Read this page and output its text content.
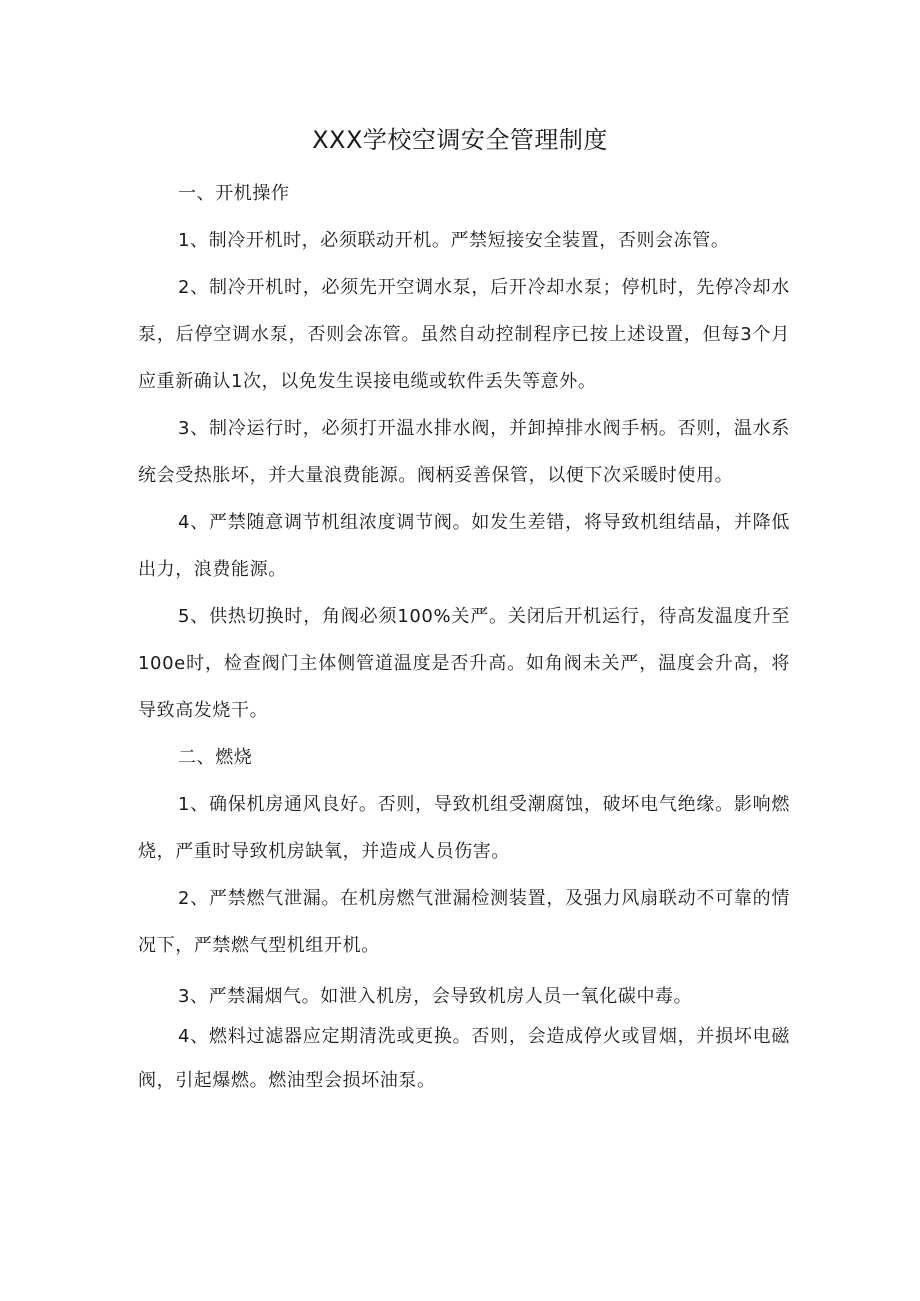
XXX学校空调安全管理制度

一、开机操作

1、制冷开机时，必须联动开机。严禁短接安全装置，否则会冻管。

2、制冷开机时，必须先开空调水泵，后开冷却水泵；停机时，先停冷却水泵，后停空调水泵，否则会冻管。虽然自动控制程序已按上述设置，但每3个月应重新确认1次，以免发生误接电缆或软件丢失等意外。

3、制冷运行时，必须打开温水排水阀，并卸掉排水阀手柄。否则，温水系统会受热胀坏，并大量浪费能源。阀柄妥善保管，以便下次采暖时使用。

4、严禁随意调节机组浓度调节阀。如发生差错，将导致机组结晶，并降低出力，浪费能源。

5、供热切换时，角阀必须100%关严。关闭后开机运行，待高发温度升至100e时，检查阀门主体侧管道温度是否升高。如角阀未关严，温度会升高，将导致高发烧干。

二、燃烧

1、确保机房通风良好。否则，导致机组受潮腐蚀，破坏电气绝缘。影响燃烧，严重时导致机房缺氧，并造成人员伤害。

2、严禁燃气泄漏。在机房燃气泄漏检测装置，及强力风扇联动不可靠的情况下，严禁燃气型机组开机。

3、严禁漏烟气。如泄入机房，会导致机房人员一氧化碳中毒。

4、燃料过滤器应定期清洗或更换。否则，会造成停火或冒烟，并损坏电磁阀，引起爆燃。燃油型会损坏油泵。
